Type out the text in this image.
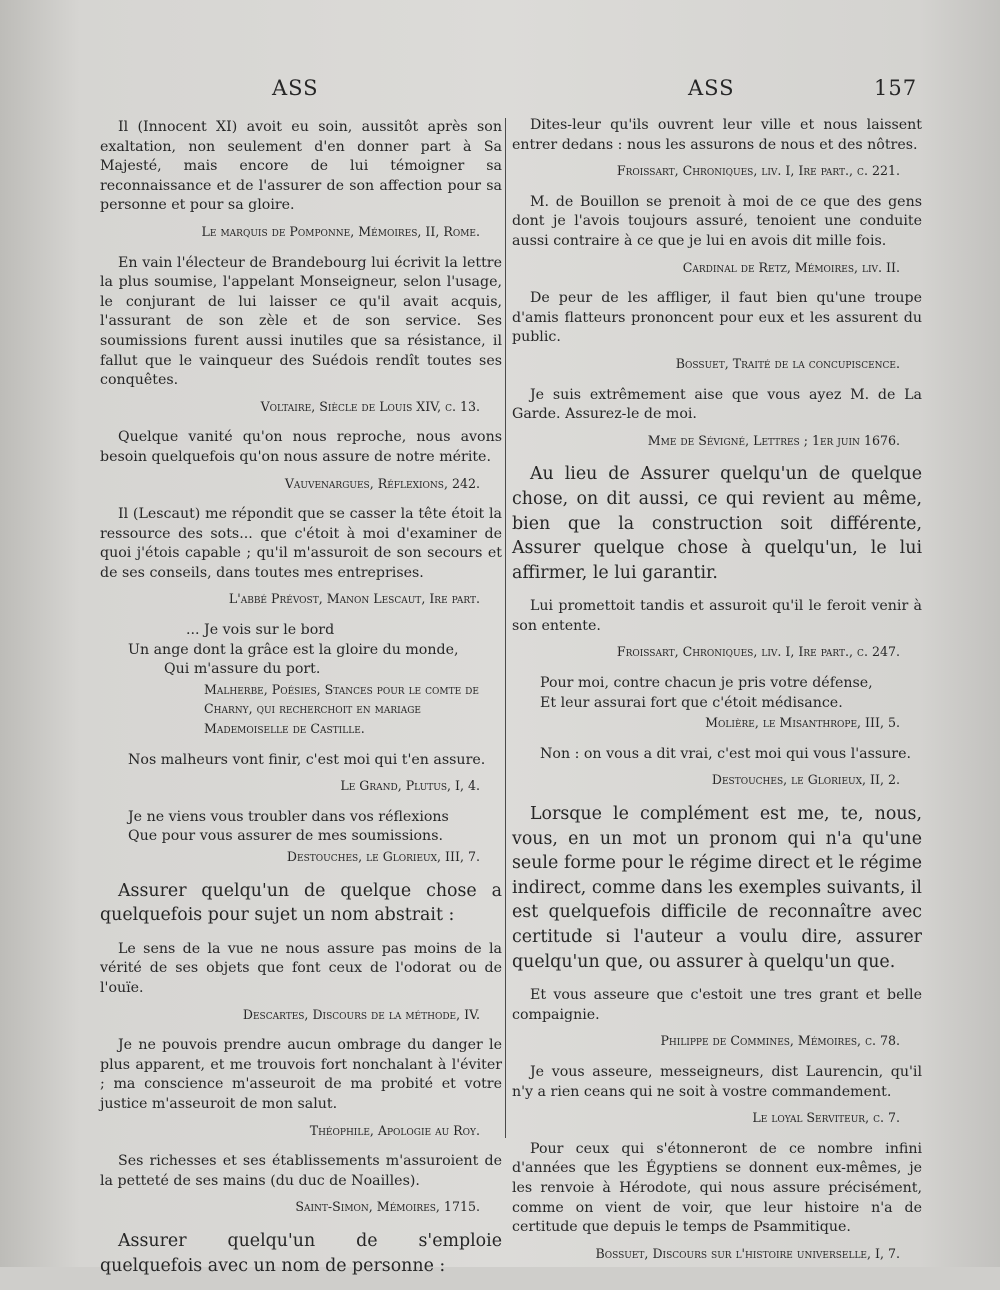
ASS	ASS	157

Il (Innocent XI) avoit eu soin, aussitôt après son exaltation, non seulement d'en donner part à Sa Majesté, mais encore de lui témoigner sa reconnaissance et de l'assurer de son affection pour sa personne et pour sa gloire.

Le marquis de Pomponne, Mémoires, II, Rome.

En vain l'électeur de Brandebourg lui écrivit la lettre la plus soumise, l'appelant Monseigneur, selon l'usage, le conjurant de lui laisser ce qu'il avait acquis, l'assurant de son zèle et de son service. Ses soumissions furent aussi inutiles que sa résistance, il fallut que le vainqueur des Suédois rendît toutes ses conquêtes.

Voltaire, Siècle de Louis XIV, c. 13.

Quelque vanité qu'on nous reproche, nous avons besoin quelquefois qu'on nous assure de notre mérite.

Vauvenargues, Réflexions, 242.

Il (Lescaut) me répondit que se casser la tête étoit la ressource des sots... que c'étoit à moi d'examiner de quoi j'étois capable ; qu'il m'assuroit de son secours et de ses conseils, dans toutes mes entreprises.

L'abbé Prévost, Manon Lescaut, Ire part.
... Je vois sur le bord
Un ange dont la grâce est la gloire du monde,
Qui m'assure du port.
Malherbe, Poésies, Stances pour le comte de Charny, qui recherchoit en mariage Mademoiselle de Castille.

Nos malheurs vont finir, c'est moi qui t'en assure.

Le Grand, Plutus, I, 4.
Je ne viens vous troubler dans vos réflexions
Que pour vous assurer de mes soumissions.
Destouches, le Glorieux, III, 7.

Assurer quelqu'un de quelque chose a quelquefois pour sujet un nom abstrait :

Le sens de la vue ne nous assure pas moins de la vérité de ses objets que font ceux de l'odorat ou de l'ouïe.

Descartes, Discours de la méthode, IV.

Je ne pouvois prendre aucun ombrage du danger le plus apparent, et me trouvois fort nonchalant à l'éviter ; ma conscience m'asseuroit de ma probité et votre justice m'asseuroit de mon salut.

Théophile, Apologie au Roy.

Ses richesses et ses établissements m'assuroient de la petteté de ses mains (du duc de Noailles).

Saint-Simon, Mémoires, 1715.

Assurer quelqu'un de s'emploie quelquefois avec un nom de personne :

Dites-leur qu'ils ouvrent leur ville et nous laissent entrer dedans : nous les assurons de nous et des nôtres.

Froissart, Chroniques, liv. I, Ire part., c. 221.

M. de Bouillon se prenoit à moi de ce que des gens dont je l'avois toujours assuré, tenoient une conduite aussi contraire à ce que je lui en avois dit mille fois.

Cardinal de Retz, Mémoires, liv. II.

De peur de les affliger, il faut bien qu'une troupe d'amis flatteurs prononcent pour eux et les assurent du public.

Bossuet, Traité de la concupiscence.

Je suis extrêmement aise que vous ayez M. de La Garde. Assurez-le de moi.

Mme de Sévigné, Lettres ; 1er juin 1676.

Au lieu de Assurer quelqu'un de quelque chose, on dit aussi, ce qui revient au même, bien que la construction soit différente, Assurer quelque chose à quelqu'un, le lui affirmer, le lui garantir.

Lui promettoit tandis et assuroit qu'il le feroit venir à son entente.

Froissart, Chroniques, liv. I, Ire part., c. 247.
Pour moi, contre chacun je pris votre défense,
Et leur assurai fort que c'étoit médisance.
Molière, le Misanthrope, III, 5.

Non : on vous a dit vrai, c'est moi qui vous l'assure.

Destouches, le Glorieux, II, 2.

Lorsque le complément est me, te, nous, vous, en un mot un pronom qui n'a qu'une seule forme pour le régime direct et le régime indirect, comme dans les exemples suivants, il est quelquefois difficile de reconnaître avec certitude si l'auteur a voulu dire, assurer quelqu'un que, ou assurer à quelqu'un que.

Et vous asseure que c'estoit une tres grant et belle compaignie.

Philippe de Commines, Mémoires, c. 78.

Je vous asseure, messeigneurs, dist Laurencin, qu'il n'y a rien ceans qui ne soit à vostre commandement.

Le loyal Serviteur, c. 7.

Pour ceux qui s'étonneront de ce nombre infini d'années que les Égyptiens se donnent eux-mêmes, je les renvoie à Hérodote, qui nous assure précisément, comme on vient de voir, que leur histoire n'a de certitude que depuis le temps de Psammitique.

Bossuet, Discours sur l'histoire universelle, I, 7.
